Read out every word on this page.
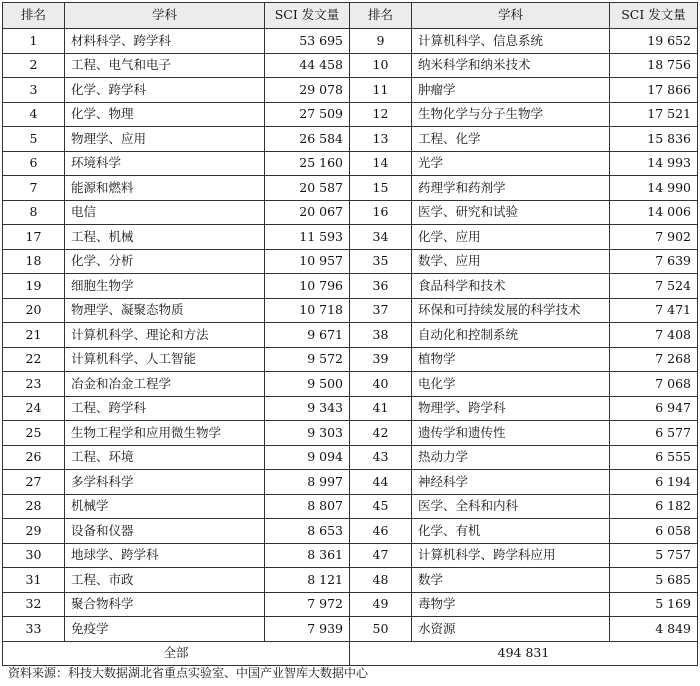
排名	学科	SCI 发文量	排名	学科	SCI 发文量
1	材料科学、跨学科	53 695	9	计算机科学、信息系统	19 652
2	工程、电气和电子	44 458	10	纳米科学和纳米技术	18 756
3	化学、跨学科	29 078	11	肿瘤学	17 866
4	化学、物理	27 509	12	生物化学与分子生物学	17 521
5	物理学、应用	26 584	13	工程、化学	15 836
6	环境科学	25 160	14	光学	14 993
7	能源和燃料	20 587	15	药理学和药剂学	14 990
8	电信	20 067	16	医学、研究和试验	14 006
17	工程、机械	11 593	34	化学、应用	7 902
18	化学、分析	10 957	35	数学、应用	7 639
19	细胞生物学	10 796	36	食品科学和技术	7 524
20	物理学、凝聚态物质	10 718	37	环保和可持续发展的科学技术	7 471
21	计算机科学、理论和方法	9 671	38	自动化和控制系统	7 408
22	计算机科学、人工智能	9 572	39	植物学	7 268
23	冶金和冶金工程学	9 500	40	电化学	7 068
24	工程、跨学科	9 343	41	物理学、跨学科	6 947
25	生物工程学和应用微生物学	9 303	42	遗传学和遗传性	6 577
26	工程、环境	9 094	43	热动力学	6 555
27	多学科科学	8 997	44	神经科学	6 194
28	机械学	8 807	45	医学、全科和内科	6 182
29	设备和仪器	8 653	46	化学、有机	6 058
30	地球学、跨学科	8 361	47	计算机科学、跨学科应用	5 757
31	工程、市政	8 121	48	数学	5 685
32	聚合物科学	7 972	49	毒物学	5 169
33	免疫学	7 939	50	水资源	4 849
全部			494 831		
资料来源：科技大数据湖北省重点实验室、中国产业智库大数据中心
